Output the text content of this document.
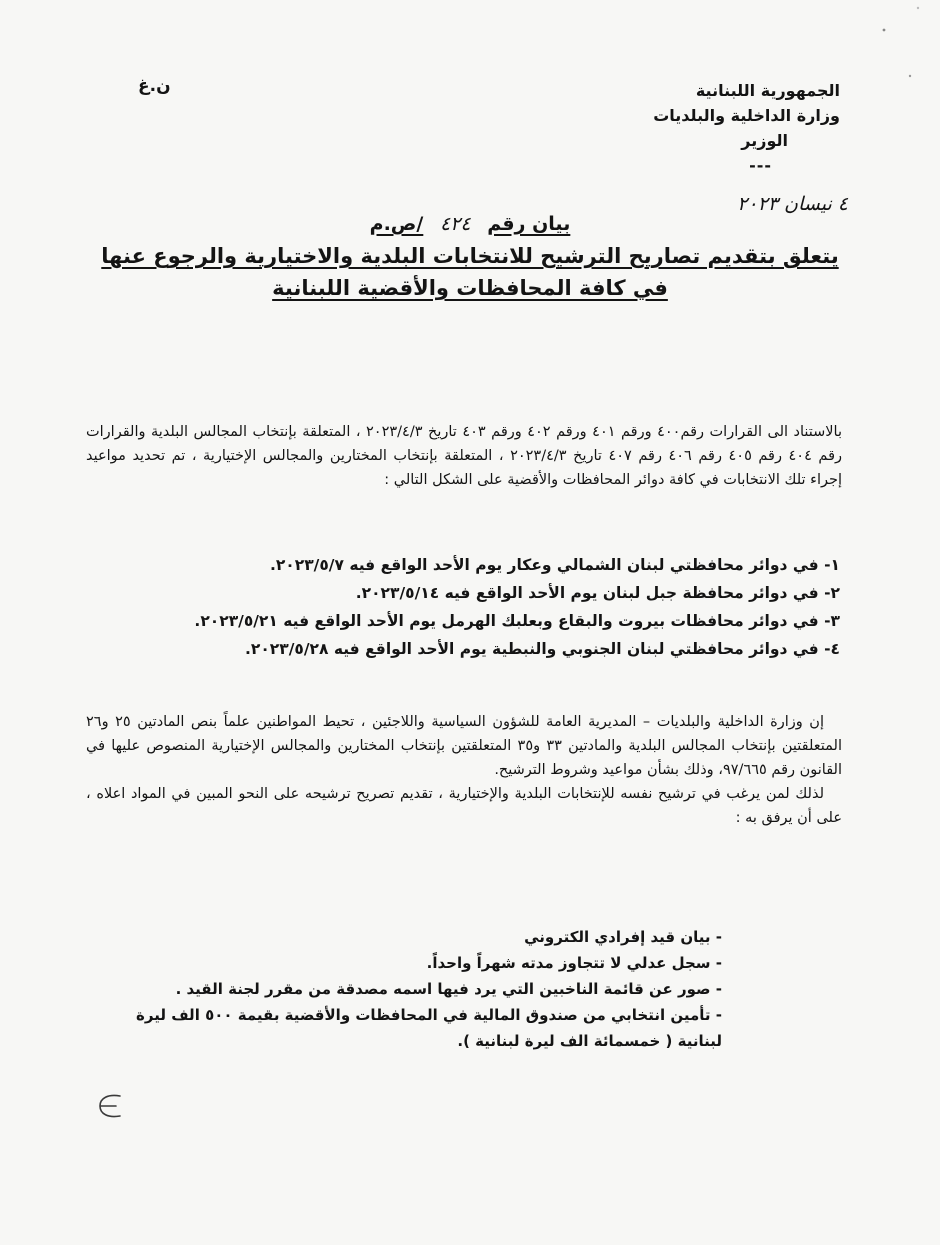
الجمهورية اللبنانية
وزارة الداخلية والبلديات
الوزير
---
ن.غ
٤ نيسان ٢٠٢٣
بيان رقم ٤٢٤ /ص.م
يتعلق بتقديم تصاريح الترشيح للانتخابات البلدية والاختيارية والرجوع عنها
في كافة المحافظات والأقضية اللبنانية

بالاستناد الى القرارات رقم٤٠٠ ورقم ٤٠١ ورقم ٤٠٢ ورقم ٤٠٣ تاريخ ٢٠٢٣/٤/٣ ، المتعلقة بإنتخاب المجالس البلدية والقرارات رقم ٤٠٤ رقم ٤٠٥ رقم ٤٠٦ رقم ٤٠٧ تاريخ ٢٠٢٣/٤/٣ ، المتعلقة بإنتخاب المختارين والمجالس الإختيارية ، تم تحديد مواعيد إجراء تلك الانتخابات في كافة دوائر المحافظات والأقضية على الشكل التالي :

١- في دوائر محافظتي لبنان الشمالي وعكار يوم الأحد الواقع فيه ٢٠٢٣/٥/٧.
٢- في دوائر محافظة جبل لبنان يوم الأحد الواقع فيه ٢٠٢٣/٥/١٤.
٣- في دوائر محافظات بيروت والبقاع وبعلبك الهرمل يوم الأحد الواقع فيه ٢٠٢٣/٥/٢١.
٤- في دوائر محافظتي لبنان الجنوبي والنبطية يوم الأحد الواقع فيه ٢٠٢٣/٥/٢٨.

إن وزارة الداخلية والبلديات – المديرية العامة للشؤون السياسية واللاجئين ، تحيط المواطنين علماً بنص المادتين ٢٥ و٢٦ المتعلقتين بإنتخاب المجالس البلدية والمادتين ٣٣ و٣٥ المتعلقتين بإنتخاب المختارين والمجالس الإختيارية المنصوص عليها في القانون رقم ٩٧/٦٦٥، وذلك بشأن مواعيد وشروط الترشيح.

لذلك لمن يرغب في ترشيح نفسه للإنتخابات البلدية والإختيارية ، تقديم تصريح ترشيحه على النحو المبين في المواد اعلاه ، على أن يرفق به :

- بيان قيد إفرادي الكتروني
- سجل عدلي لا تتجاوز مدته شهراً واحداً.
- صور عن قائمة الناخبين التي يرد فيها اسمه مصدقة من مقرر لجنة القيد .
- تأمين انتخابي من صندوق المالية في المحافظات والأقضية بقيمة ٥٠٠ الف ليرة
لبنانية ( خمسمائة الف ليرة لبنانية ).
